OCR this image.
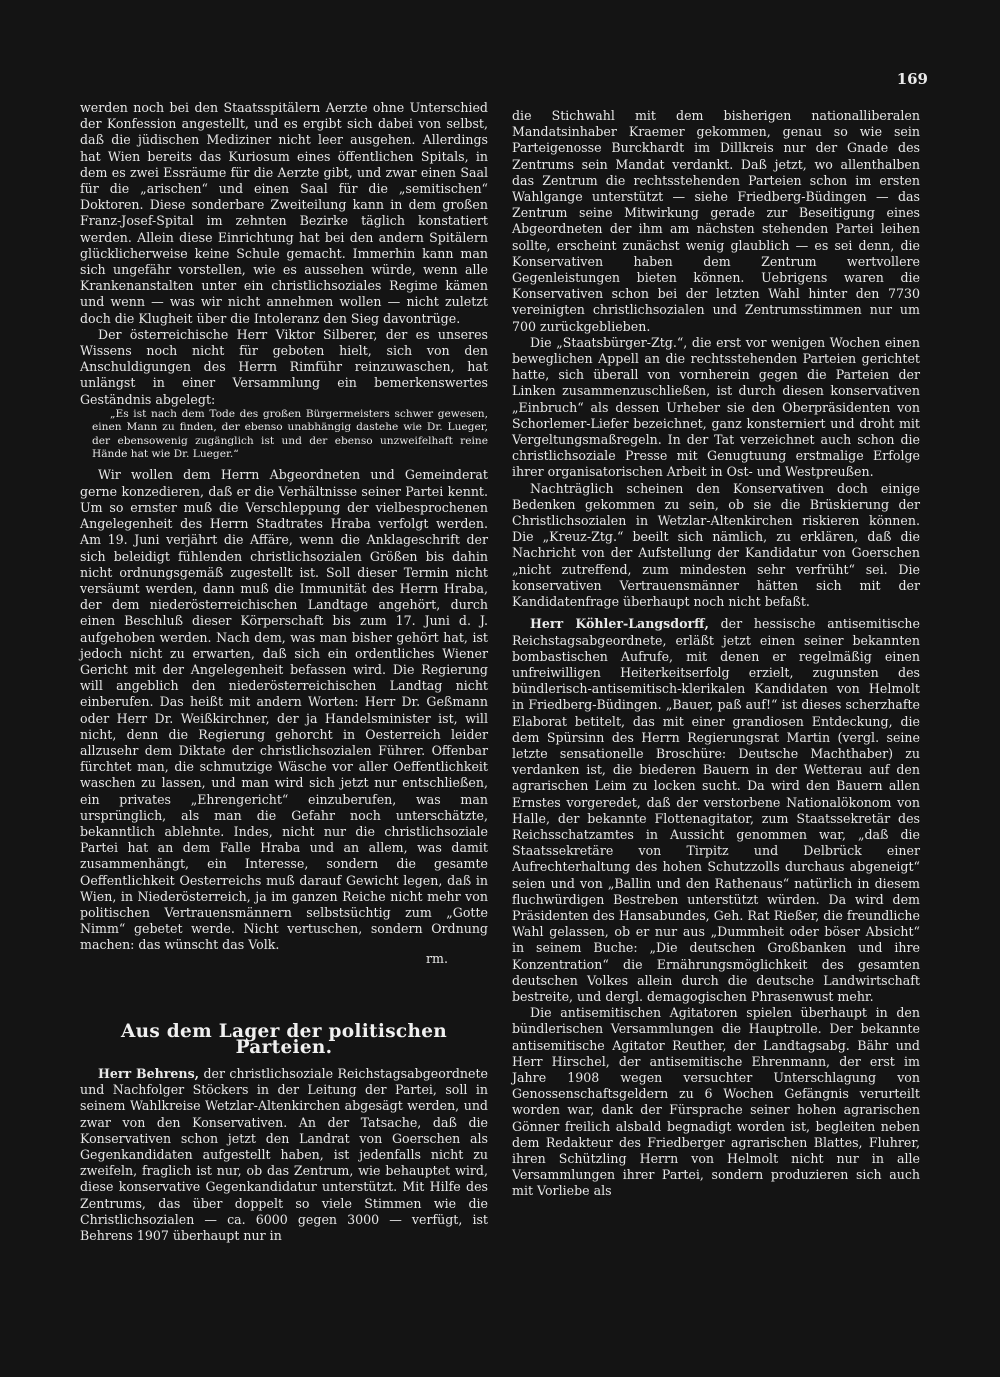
169

werden noch bei den Staatsspitälern Aerzte ohne Unterschied der Konfession angestellt, und es ergibt sich dabei von selbst, daß die jüdischen Mediziner nicht leer ausgehen. Allerdings hat Wien bereits das Kuriosum eines öffentlichen Spitals, in dem es zwei Essräume für die Aerzte gibt, und zwar einen Saal für die „arischen“ und einen Saal für die „semitischen“ Doktoren. Diese sonderbare Zweiteilung kann in dem großen Franz-Josef-Spital im zehnten Bezirke täglich konstatiert werden. Allein diese Einrichtung hat bei den andern Spitälern glücklicherweise keine Schule gemacht. Immerhin kann man sich ungefähr vorstellen, wie es aussehen würde, wenn alle Krankenanstalten unter ein christlichsoziales Regime kämen und wenn — was wir nicht annehmen wollen — nicht zuletzt doch die Klugheit über die Intoleranz den Sieg davontrüge.

Der österreichische Herr Viktor Silberer, der es unseres Wissens noch nicht für geboten hielt, sich von den Anschuldigungen des Herrn Rimführ reinzuwaschen, hat unlängst in einer Versammlung ein bemerkenswertes Geständnis abgelegt:

„Es ist nach dem Tode des großen Bürgermeisters schwer gewesen, einen Mann zu finden, der ebenso unabhängig dastehe wie Dr. Lueger, der ebensowenig zugänglich ist und der ebenso unzweifelhaft reine Hände hat wie Dr. Lueger.“

Wir wollen dem Herrn Abgeordneten und Gemeinderat gerne konzedieren, daß er die Verhältnisse seiner Partei kennt. Um so ernster muß die Verschleppung der vielbesprochenen Angelegenheit des Herrn Stadtrates Hraba verfolgt werden. Am 19. Juni verjährt die Affäre, wenn die Anklageschrift der sich beleidigt fühlenden christlichsozialen Größen bis dahin nicht ordnungsgemäß zugestellt ist. Soll dieser Termin nicht versäumt werden, dann muß die Immunität des Herrn Hraba, der dem niederösterreichischen Landtage angehört, durch einen Beschluß dieser Körperschaft bis zum 17. Juni d. J. aufgehoben werden. Nach dem, was man bisher gehört hat, ist jedoch nicht zu erwarten, daß sich ein ordentliches Wiener Gericht mit der Angelegenheit befassen wird. Die Regierung will angeblich den niederösterreichischen Landtag nicht einberufen. Das heißt mit andern Worten: Herr Dr. Geßmann oder Herr Dr. Weißkirchner, der ja Handelsminister ist, will nicht, denn die Regierung gehorcht in Oesterreich leider allzusehr dem Diktate der christlichsozialen Führer. Offenbar fürchtet man, die schmutzige Wäsche vor aller Oeffentlichkeit waschen zu lassen, und man wird sich jetzt nur entschließen, ein privates „Ehrengericht“ einzuberufen, was man ursprünglich, als man die Gefahr noch unterschätzte, bekanntlich ablehnte. Indes, nicht nur die christlichsoziale Partei hat an dem Falle Hraba und an allem, was damit zusammenhängt, ein Interesse, sondern die gesamte Oeffentlichkeit Oesterreichs muß darauf Gewicht legen, daß in Wien, in Niederösterreich, ja im ganzen Reiche nicht mehr von politischen Vertrauensmännern selbstsüchtig zum „Gotte Nimm“ gebetet werde. Nicht vertuschen, sondern Ordnung machen: das wünscht das Volk.

rm.
Aus dem Lager der politischen Parteien.

Herr Behrens, der christlichsoziale Reichstagsabgeordnete und Nachfolger Stöckers in der Leitung der Partei, soll in seinem Wahlkreise Wetzlar-Altenkirchen abgesägt werden, und zwar von den Konservativen. An der Tatsache, daß die Konservativen schon jetzt den Landrat von Goerschen als Gegenkandidaten aufgestellt haben, ist jedenfalls nicht zu zweifeln, fraglich ist nur, ob das Zentrum, wie behauptet wird, diese konservative Gegenkandidatur unterstützt. Mit Hilfe des Zentrums, das über doppelt so viele Stimmen wie die Christlichsozialen — ca. 6000 gegen 3000 — verfügt, ist Behrens 1907 überhaupt nur in

die Stichwahl mit dem bisherigen nationalliberalen Mandatsinhaber Kraemer gekommen, genau so wie sein Parteigenosse Burckhardt im Dillkreis nur der Gnade des Zentrums sein Mandat verdankt. Daß jetzt, wo allenthalben das Zentrum die rechtsstehenden Parteien schon im ersten Wahlgange unterstützt — siehe Friedberg-Büdingen — das Zentrum seine Mitwirkung gerade zur Beseitigung eines Abgeordneten der ihm am nächsten stehenden Partei leihen sollte, erscheint zunächst wenig glaublich — es sei denn, die Konservativen haben dem Zentrum wertvollere Gegenleistungen bieten können. Uebrigens waren die Konservativen schon bei der letzten Wahl hinter den 7730 vereinigten christlichsozialen und Zentrumsstimmen nur um 700 zurückgeblieben.

Die „Staatsbürger-Ztg.“, die erst vor wenigen Wochen einen beweglichen Appell an die rechtsstehenden Parteien gerichtet hatte, sich überall von vornherein gegen die Parteien der Linken zusammenzuschließen, ist durch diesen konservativen „Einbruch“ als dessen Urheber sie den Oberpräsidenten von Schorlemer-Liefer bezeichnet, ganz konsterniert und droht mit Vergeltungsmaßregeln. In der Tat verzeichnet auch schon die christlichsoziale Presse mit Genugtuung erstmalige Erfolge ihrer organisatorischen Arbeit in Ost- und Westpreußen.

Nachträglich scheinen den Konservativen doch einige Bedenken gekommen zu sein, ob sie die Brüskierung der Christlichsozialen in Wetzlar-Altenkirchen riskieren können. Die „Kreuz-Ztg.“ beeilt sich nämlich, zu erklären, daß die Nachricht von der Aufstellung der Kandidatur von Goerschen „nicht zutreffend, zum mindesten sehr verfrüht“ sei. Die konservativen Vertrauensmänner hätten sich mit der Kandidatenfrage überhaupt noch nicht befaßt.

Herr Köhler-Langsdorff, der hessische antisemitische Reichstagsabgeordnete, erläßt jetzt einen seiner bekannten bombastischen Aufrufe, mit denen er regelmäßig einen unfreiwilligen Heiterkeitserfolg erzielt, zugunsten des bündlerisch-antisemitisch-klerikalen Kandidaten von Helmolt in Friedberg-Büdingen. „Bauer, paß auf!“ ist dieses scherzhafte Elaborat betitelt, das mit einer grandiosen Entdeckung, die dem Spürsinn des Herrn Regierungsrat Martin (vergl. seine letzte sensationelle Broschüre: Deutsche Machthaber) zu verdanken ist, die biederen Bauern in der Wetterau auf den agrarischen Leim zu locken sucht. Da wird den Bauern allen Ernstes vorgeredet, daß der verstorbene Nationalökonom von Halle, der bekannte Flottenagitator, zum Staatssekretär des Reichsschatzamtes in Aussicht genommen war, „daß die Staatssekretäre von Tirpitz und Delbrück einer Aufrechterhaltung des hohen Schutzzolls durchaus abgeneigt“ seien und von „Ballin und den Rathenaus“ natürlich in diesem fluchwürdigen Bestreben unterstützt würden. Da wird dem Präsidenten des Hansabundes, Geh. Rat Rießer, die freundliche Wahl gelassen, ob er nur aus „Dummheit oder böser Absicht“ in seinem Buche: „Die deutschen Großbanken und ihre Konzentration“ die Ernährungsmöglichkeit des gesamten deutschen Volkes allein durch die deutsche Landwirtschaft bestreite, und dergl. demagogischen Phrasenwust mehr.

Die antisemitischen Agitatoren spielen überhaupt in den bündlerischen Versammlungen die Hauptrolle. Der bekannte antisemitische Agitator Reuther, der Landtagsabg. Bähr und Herr Hirschel, der antisemitische Ehrenmann, der erst im Jahre 1908 wegen versuchter Unterschlagung von Genossenschaftsgeldern zu 6 Wochen Gefängnis verurteilt worden war, dank der Fürsprache seiner hohen agrarischen Gönner freilich alsbald begnadigt worden ist, begleiten neben dem Redakteur des Friedberger agrarischen Blattes, Fluhrer, ihren Schützling Herrn von Helmolt nicht nur in alle Versammlungen ihrer Partei, sondern produzieren sich auch mit Vorliebe als
